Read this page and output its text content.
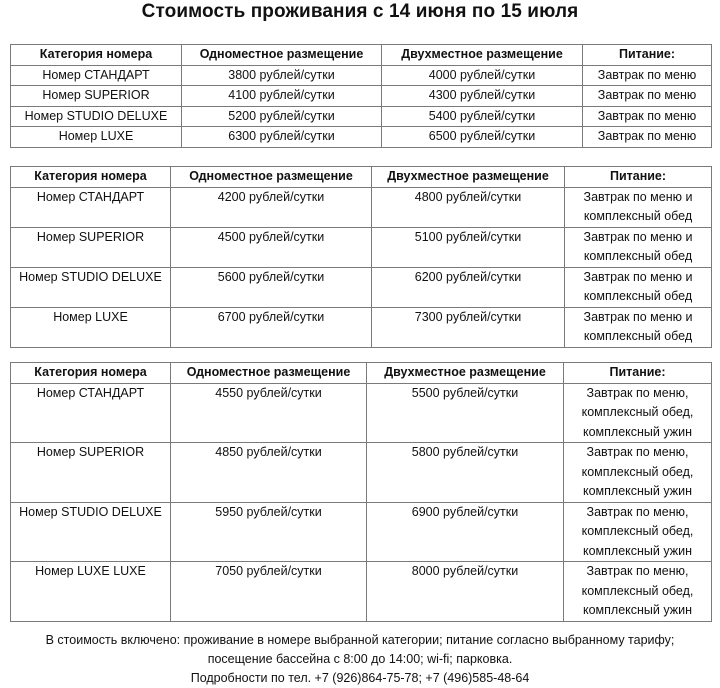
Стоимость проживания с 14 июня по 15 июля
Категория номера	Одноместное размещение	Двухместное размещение	Питание:
Номер СТАНДАРТ	3800 рублей/сутки	4000 рублей/сутки	Завтрак по меню
Номер SUPERIOR	4100 рублей/сутки	4300 рублей/сутки	Завтрак по меню
Номер STUDIO DELUXE	5200 рублей/сутки	5400 рублей/сутки	Завтрак по меню
Номер LUXE	6300 рублей/сутки	6500 рублей/сутки	Завтрак по меню
Категория номера	Одноместное размещение	Двухместное размещение	Питание:
Номер СТАНДАРТ	4200 рублей/сутки	4800 рублей/сутки	Завтрак по меню и
комплексный обед
Номер SUPERIOR	4500 рублей/сутки	5100 рублей/сутки	Завтрак по меню и
комплексный обед
Номер STUDIO DELUXE	5600 рублей/сутки	6200 рублей/сутки	Завтрак по меню и
комплексный обед
Номер LUXE	6700 рублей/сутки	7300 рублей/сутки	Завтрак по меню и
комплексный обед
Категория номера	Одноместное размещение	Двухместное размещение	Питание:
Номер СТАНДАРТ	4550 рублей/сутки	5500 рублей/сутки	Завтрак по меню,
комплексный обед,
комплексный ужин
Номер SUPERIOR	4850 рублей/сутки	5800 рублей/сутки	Завтрак по меню,
комплексный обед,
комплексный ужин
Номер STUDIO DELUXE	5950 рублей/сутки	6900 рублей/сутки	Завтрак по меню,
комплексный обед,
комплексный ужин
Номер LUXE LUXE	7050 рублей/сутки	8000 рублей/сутки	Завтрак по меню,
комплексный обед,
комплексный ужин
В стоимость включено: проживание в номере выбранной категории; питание согласно выбранному тарифу;
посещение бассейна с 8:00 до 14:00; wi-fi; парковка.
Подробности по тел. +7 (926)864-75-78; +7 (496)585-48-64
